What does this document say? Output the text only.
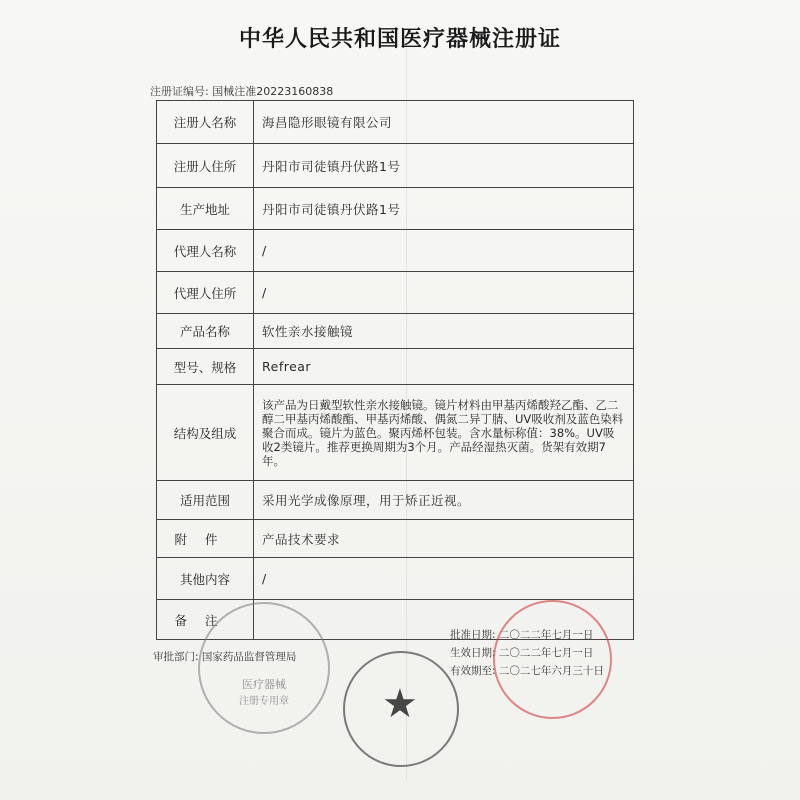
中华人民共和国医疗器械注册证
注册证编号: 国械注准20223160838
注册人名称	海昌隐形眼镜有限公司
注册人住所	丹阳市司徒镇丹伏路1号
生产地址	丹阳市司徒镇丹伏路1号
代理人名称	/
代理人住所	/
产品名称	软性亲水接触镜
型号、规格	Refrear
结构及组成	该产品为日戴型软性亲水接触镜。镜片材料由甲基丙烯酸羟乙酯、乙二醇二甲基丙烯酸酯、甲基丙烯酸、偶氮二异丁腈、UV吸收剂及蓝色染料聚合而成。镜片为蓝色。聚丙烯杯包装。含水量标称值：38%。UV吸收2类镜片。推荐更换周期为3个月。产品经湿热灭菌。货架有效期7年。
适用范围	采用光学成像原理，用于矫正近视。
附件	产品技术要求
其他内容	/
备注	
批准日期: 二〇二二年七月一日
生效日期: 二〇二二年七月一日
有效期至: 二〇二七年六月三十日
审批部门: 国家药品监督管理局
医疗器械
注册专用章	★
